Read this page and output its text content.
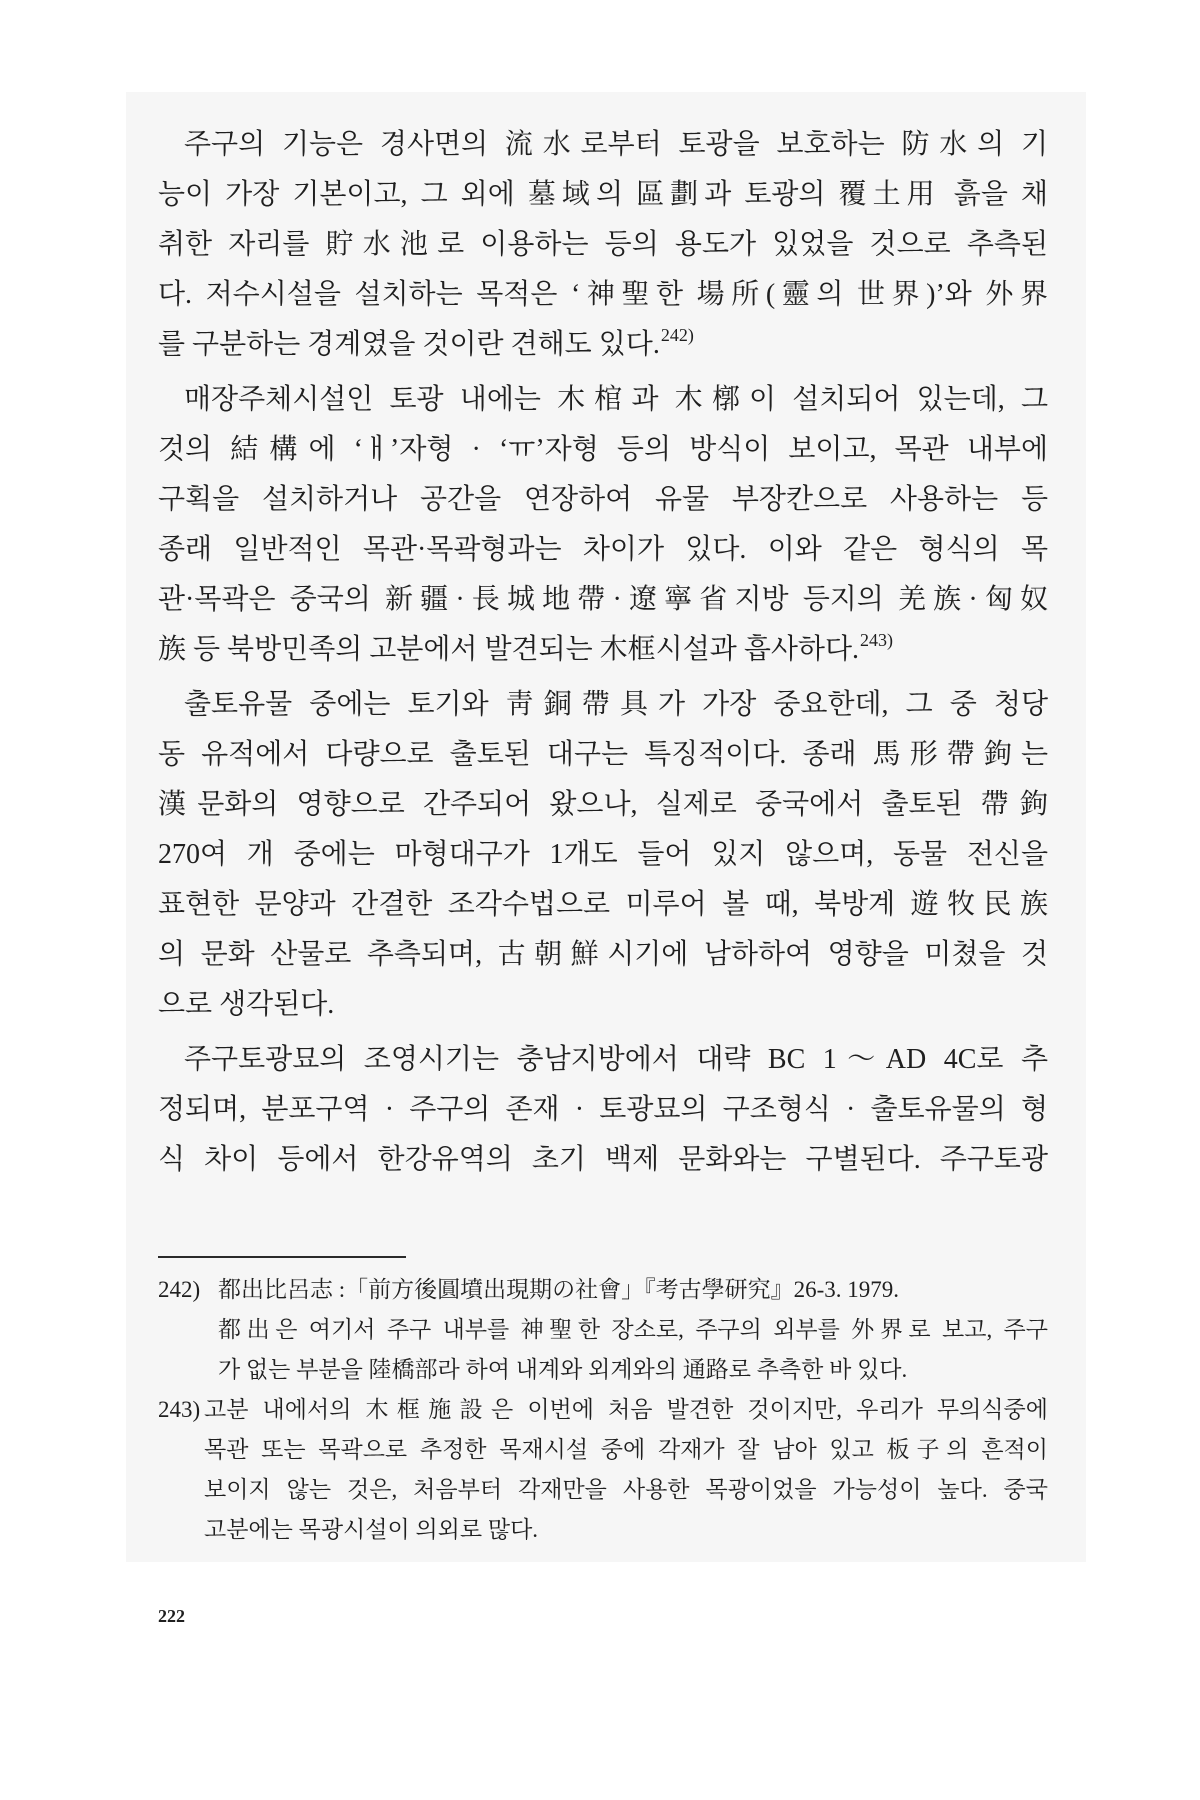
주구의 기능은 경사면의 流水로부터 토광을 보호하는 防水의 기
능이 가장 기본이고, 그 외에 墓域의 區劃과 토광의 覆土用 흙을 채
취한 자리를 貯水池로 이용하는 등의 용도가 있었을 것으로 추측된
다. 저수시설을 설치하는 목적은 ‘神聖한 場所(靈의 世界)’와 外界
를 구분하는 경계였을 것이란 견해도 있다.$^{242)}$
매장주체시설인 토광 내에는 木棺과 木槨이 설치되어 있는데, 그
것의 結構에 ‘ㅐ’자형 · ‘ㅠ’자형 등의 방식이 보이고, 목관 내부에
구획을 설치하거나 공간을 연장하여 유물 부장칸으로 사용하는 등
종래 일반적인 목관·목곽형과는 차이가 있다. 이와 같은 형식의 목
관·목곽은 중국의 新疆·長城地帶·遼寧省지방 등지의 羌族·匈奴
族 등 북방민족의 고분에서 발견되는 木框시설과 흡사하다.$^{243)}$
출토유물 중에는 토기와 靑銅帶具가 가장 중요한데, 그 중 청당
동 유적에서 다량으로 출토된 대구는 특징적이다. 종래 馬形帶鉤는
漢문화의 영향으로 간주되어 왔으나, 실제로 중국에서 출토된 帶鉤
270여 개 중에는 마형대구가 1개도 들어 있지 않으며, 동물 전신을
표현한 문양과 간결한 조각수법으로 미루어 볼 때, 북방계 遊牧民族
의 문화 산물로 추측되며, 古朝鮮시기에 남하하여 영향을 미쳤을 것
으로 생각된다.
주구토광묘의 조영시기는 충남지방에서 대략 BC 1～AD 4C로 추
정되며, 분포구역 · 주구의 존재 · 토광묘의 구조형식 · 출토유물의 형
식 차이 등에서 한강유역의 초기 백제 문화와는 구별된다. 주구토광
242) 都出比呂志 :「前方後圓墳出現期の社會」『考古學研究』26-3. 1979.
都出은 여기서 주구 내부를 神聖한 장소로, 주구의 외부를 外界로 보고, 주구
가 없는 부분을 陸橋部라 하여 내계와 외계와의 通路로 추측한 바 있다.
243) 고분 내에서의 木框施設은 이번에 처음 발견한 것이지만, 우리가 무의식중에
목관 또는 목곽으로 추정한 목재시설 중에 각재가 잘 남아 있고 板子의 흔적이
보이지 않는 것은, 처음부터 각재만을 사용한 목광이었을 가능성이 높다. 중국
고분에는 목광시설이 의외로 많다.
222
